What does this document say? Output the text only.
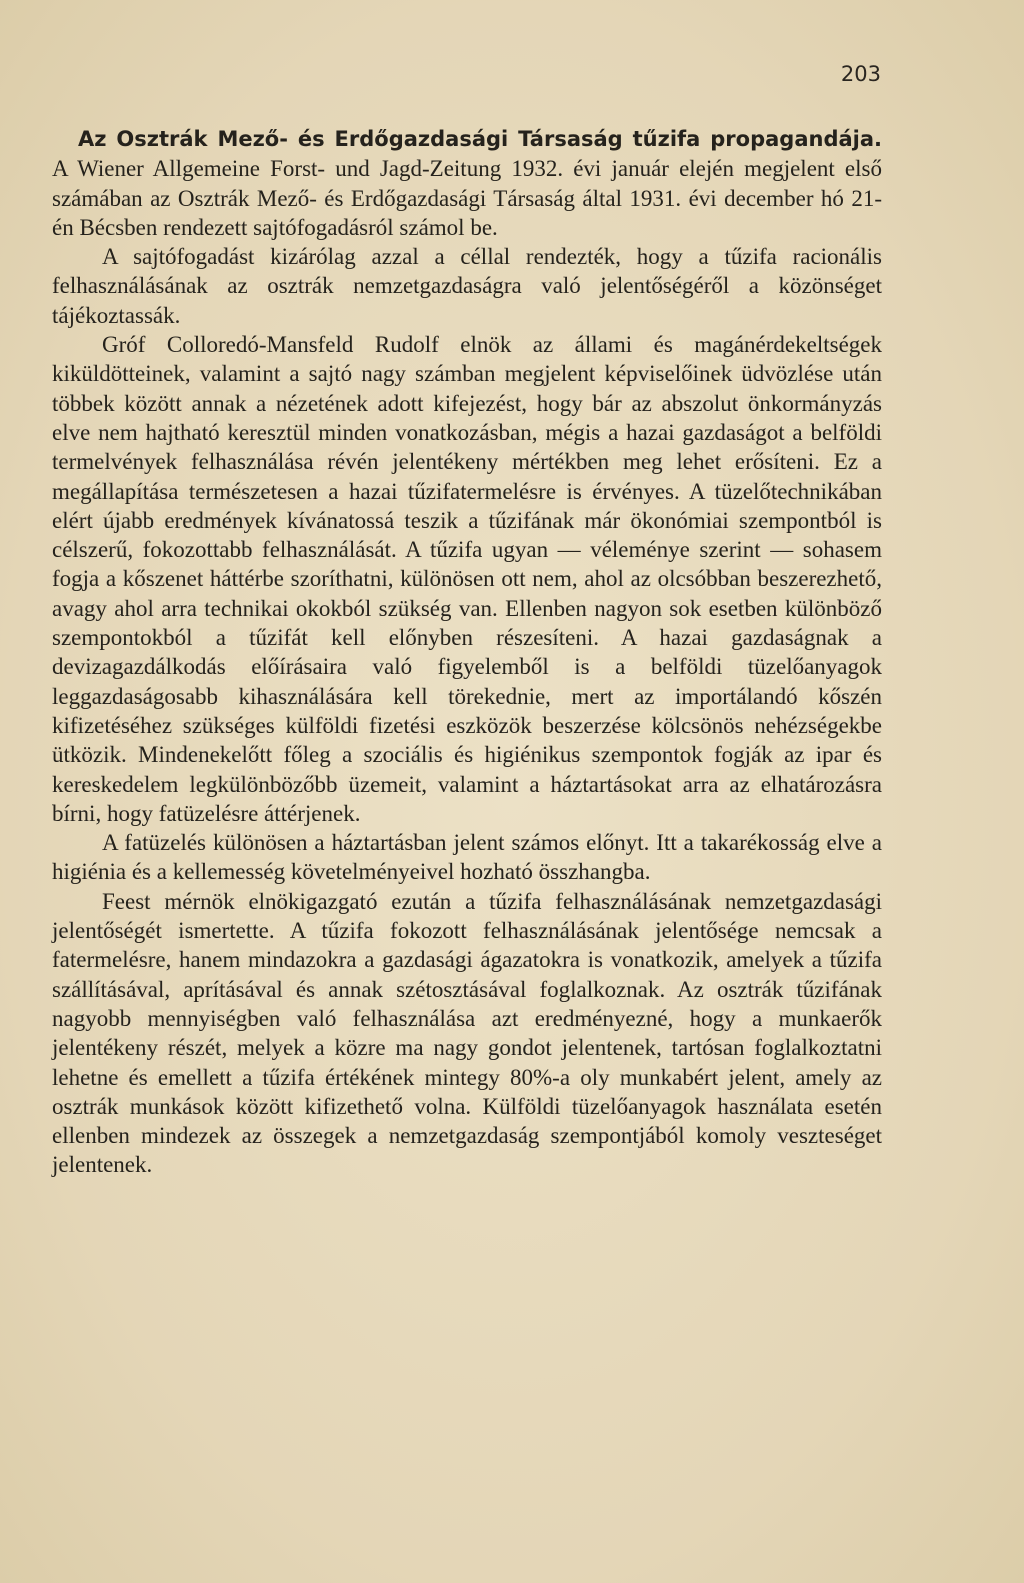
203

Az Osztrák Mező- és Erdőgazdasági Társaság tűzifa propagandája. A Wiener Allgemeine Forst- und Jagd-Zeitung 1932. évi január elején megjelent első számában az Osztrák Mező- és Erdőgazdasági Társaság által 1931. évi december hó 21-én Bécsben rendezett sajtófogadásról számol be.

A sajtófogadást kizárólag azzal a céllal rendezték, hogy a tűzifa racionális felhasználásának az osztrák nemzetgazdaságra való jelentőségéről a közönséget tájékoztassák.

Gróf Colloredó-Mansfeld Rudolf elnök az állami és magánérdekeltségek kiküldötteinek, valamint a sajtó nagy számban megjelent képviselőinek üdvözlése után többek között annak a nézetének adott kifejezést, hogy bár az abszolut önkormányzás elve nem hajtható keresztül minden vonatkozásban, mégis a hazai gazdaságot a belföldi termelvények felhasználása révén jelentékeny mértékben meg lehet erősíteni. Ez a megállapítása természetesen a hazai tűzifatermelésre is érvényes. A tüzelőtechnikában elért újabb eredmények kívánatossá teszik a tűzifának már ökonómiai szempontból is célszerű, fokozottabb felhasználását. A tűzifa ugyan — véleménye szerint — sohasem fogja a kőszenet háttérbe szoríthatni, különösen ott nem, ahol az olcsóbban beszerezhető, avagy ahol arra technikai okokból szükség van. Ellenben nagyon sok esetben különböző szempontokból a tűzifát kell előnyben részesíteni. A hazai gazdaságnak a devizagazdálkodás előírásaira való figyelemből is a belföldi tüzelőanyagok leggazdaságosabb kihasználására kell törekednie, mert az importálandó kőszén kifizetéséhez szükséges külföldi fizetési eszközök beszerzése kölcsönös nehézségekbe ütközik. Mindenekelőtt főleg a szociális és higiénikus szempontok fogják az ipar és kereskedelem legkülönbözőbb üzemeit, valamint a háztartásokat arra az elhatározásra bírni, hogy fatüzelésre áttérjenek.

A fatüzelés különösen a háztartásban jelent számos előnyt. Itt a takarékosság elve a higiénia és a kellemesség követelményeivel hozható összhangba.

Feest mérnök elnökigazgató ezután a tűzifa felhasználásának nemzetgazdasági jelentőségét ismertette. A tűzifa fokozott felhasználásának jelentősége nemcsak a fatermelésre, hanem mindazokra a gazdasági ágazatokra is vonatkozik, amelyek a tűzifa szállításával, aprításával és annak szétosztásával foglalkoznak. Az osztrák tűzifának nagyobb mennyiségben való felhasználása azt eredményezné, hogy a munkaerők jelentékeny részét, melyek a közre ma nagy gondot jelentenek, tartósan foglalkoztatni lehetne és emellett a tűzifa értékének mintegy 80%-a oly munkabért jelent, amely az osztrák munkások között kifizethető volna. Külföldi tüzelőanyagok használata esetén ellenben mindezek az összegek a nemzetgazdaság szempontjából komoly veszteséget jelentenek.
